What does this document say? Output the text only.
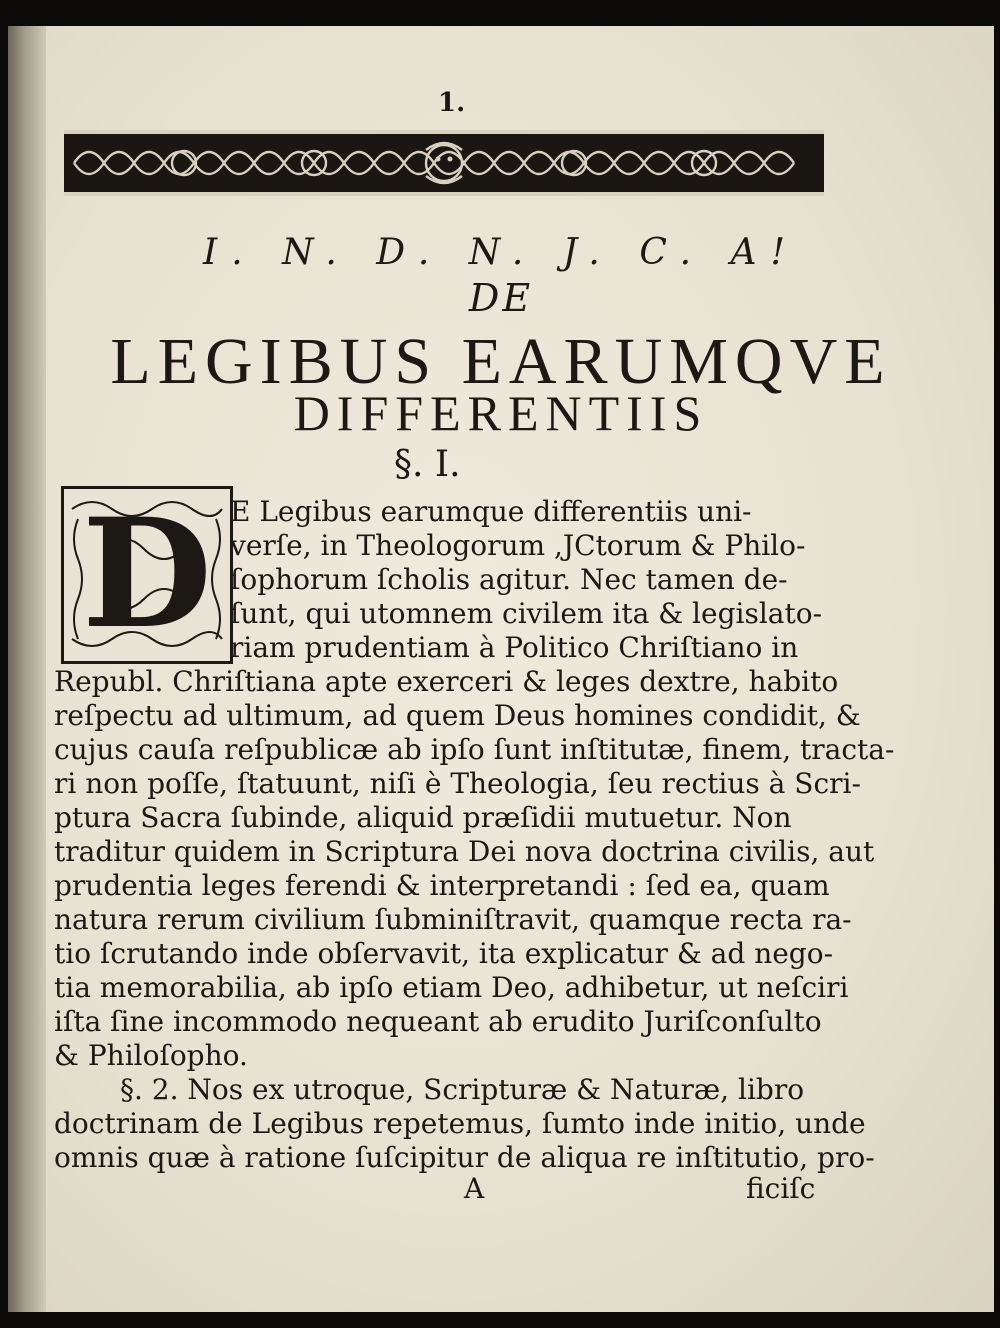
1.
I. N. D. N. J. C. A!
DE
LEGIBUS EARUMQVE
DIFFERENTIIS
§. I.
D E Legibus earumque differentiis uni-
verſe, in Theologorum ,JCtorum & Philo-
ſophorum ſcholis agitur. Nec tamen de-
ſunt, qui utomnem civilem ita & legislato-
riam prudentiam à Politico Chriſtiano in
Republ. Chriſtiana apte exerceri & leges dextre, habito
reſpectu ad ultimum, ad quem Deus homines condidit, &
cujus cauſa reſpublicæ ab ipſo ſunt inſtitutæ, finem, tracta-
ri non poſſe, ſtatuunt, niſi è Theologia, ſeu rectius à Scri-
ptura Sacra ſubinde, aliquid præſidii mutuetur. Non
traditur quidem in Scriptura Dei nova doctrina civilis, aut
prudentia leges ferendi & interpretandi : ſed ea, quam
natura rerum civilium ſubminiſtravit, quamque recta ra-
tio ſcrutando inde obſervavit, ita explicatur & ad nego-
tia memorabilia, ab ipſo etiam Deo, adhibetur, ut neſciri
iſta ſine incommodo nequeant ab erudito Juriſconſulto
& Philoſopho.
§. 2. Nos ex utroque, Scripturæ & Naturæ, libro
doctrinam de Legibus repetemus, ſumto inde initio, unde
omnis quæ à ratione ſuſcipitur de aliqua re inſtitutio, pro-
A	ficiſc
